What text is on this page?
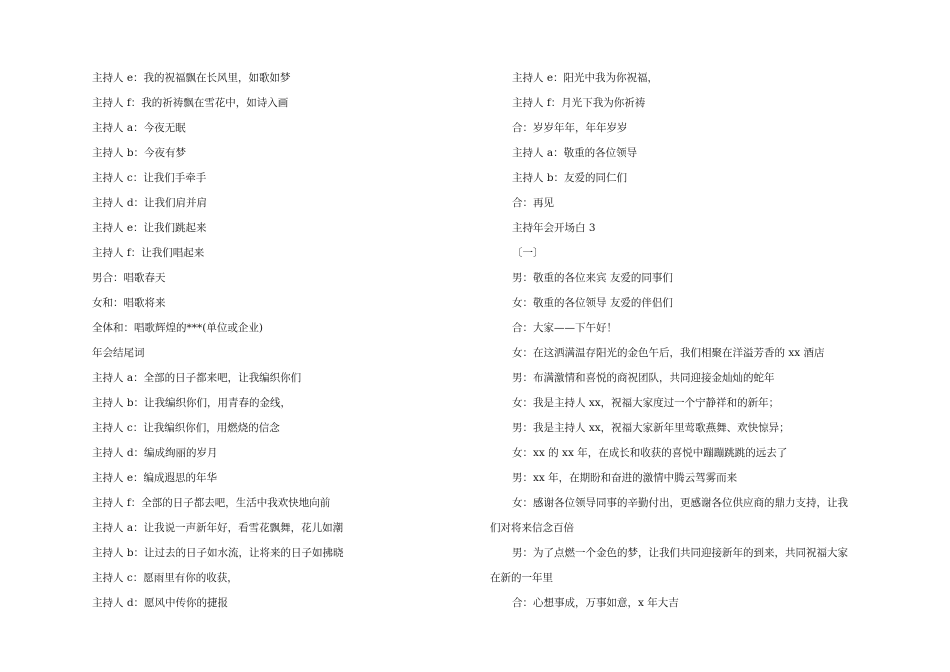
主持人 e：我的祝福飘在长风里，如歌如梦
主持人 f：我的祈祷飘在雪花中，如诗入画
主持人 a：今夜无眠
主持人 b：今夜有梦
主持人 c：让我们手牵手
主持人 d：让我们肩并肩
主持人 e：让我们跳起来
主持人 f：让我们唱起来
男合：唱歌春天
女和：唱歌将来
全体和：唱歌辉煌的***(单位或企业)
年会结尾词
主持人 a：全部的日子都来吧，让我编织你们
主持人 b：让我编织你们，用青春的金线，
主持人 c：让我编织你们，用燃烧的信念
主持人 d：编成绚丽的岁月
主持人 e：编成遐思的年华
主持人 f：全部的日子都去吧，生活中我欢快地向前
主持人 a：让我说一声新年好，看雪花飘舞，花儿如潮
主持人 b：让过去的日子如水流，让将来的日子如拂晓
主持人 c：愿雨里有你的收获，
主持人 d：愿风中传你的捷报
主持人 e：阳光中我为你祝福，
主持人 f：月光下我为你祈祷
合：岁岁年年，年年岁岁
主持人 a：敬重的各位领导
主持人 b：友爱的同仁们
合：再见
主持年会开场白 3
〔一〕
男：敬重的各位来宾 友爱的同事们
女：敬重的各位领导 友爱的伴侣们
合：大家——下午好！
女：在这洒满温存阳光的金色午后，我们相聚在洋溢芳香的 xx 酒店
男：布满激情和喜悦的商祝团队，共同迎接金灿灿的蛇年
女：我是主持人 xx，祝福大家度过一个宁静祥和的新年；
男：我是主持人 xx，祝福大家新年里莺歌燕舞、欢快惊异；
女：xx 的 xx 年，在成长和收获的喜悦中蹦蹦跳跳的远去了
男：xx 年，在期盼和奋进的激情中腾云驾雾而来
女：感谢各位领导同事的辛勤付出，更感谢各位供应商的鼎力支持，让我
们对将来信念百倍
男：为了点燃一个金色的梦，让我们共同迎接新年的到来，共同祝福大家
在新的一年里
合：心想事成，万事如意，x 年大吉
